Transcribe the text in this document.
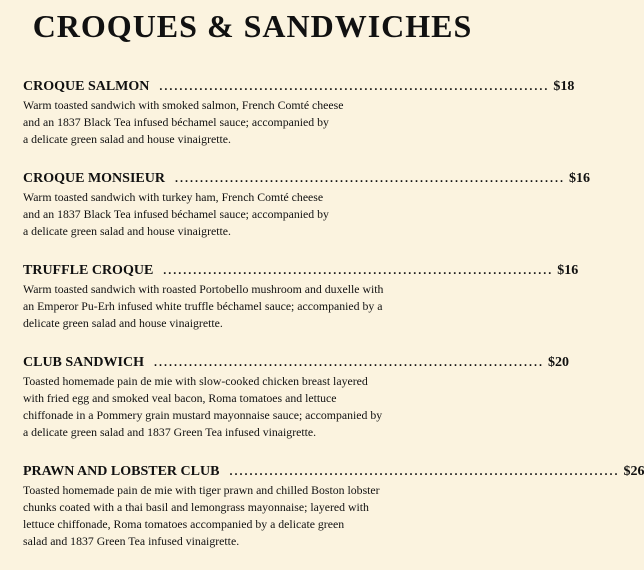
CROQUES & SANDWICHES
CROQUE SALMON .............................................................................. $18
Warm toasted sandwich with smoked salmon, French Comté cheese
and an 1837 Black Tea infused béchamel sauce; accompanied by
a delicate green salad and house vinaigrette.
CROQUE MONSIEUR .............................................................................. $16
Warm toasted sandwich with turkey ham, French Comté cheese
and an 1837 Black Tea infused béchamel sauce; accompanied by
a delicate green salad and house vinaigrette.
TRUFFLE CROQUE .............................................................................. $16
Warm toasted sandwich with roasted Portobello mushroom and duxelle with
an Emperor Pu-Erh infused white truffle béchamel sauce; accompanied by a
delicate green salad and house vinaigrette.
CLUB SANDWICH .............................................................................. $20
Toasted homemade pain de mie with slow-cooked chicken breast layered
with fried egg and smoked veal bacon, Roma tomatoes and lettuce
chiffonade in a Pommery grain mustard mayonnaise sauce; accompanied by
a delicate green salad and 1837 Green Tea infused vinaigrette.
PRAWN AND LOBSTER CLUB .............................................................................. $26
Toasted homemade pain de mie with tiger prawn and chilled Boston lobster
chunks coated with a thai basil and lemongrass mayonnaise; layered with
lettuce chiffonade, Roma tomatoes accompanied by a delicate green
salad and 1837 Green Tea infused vinaigrette.
